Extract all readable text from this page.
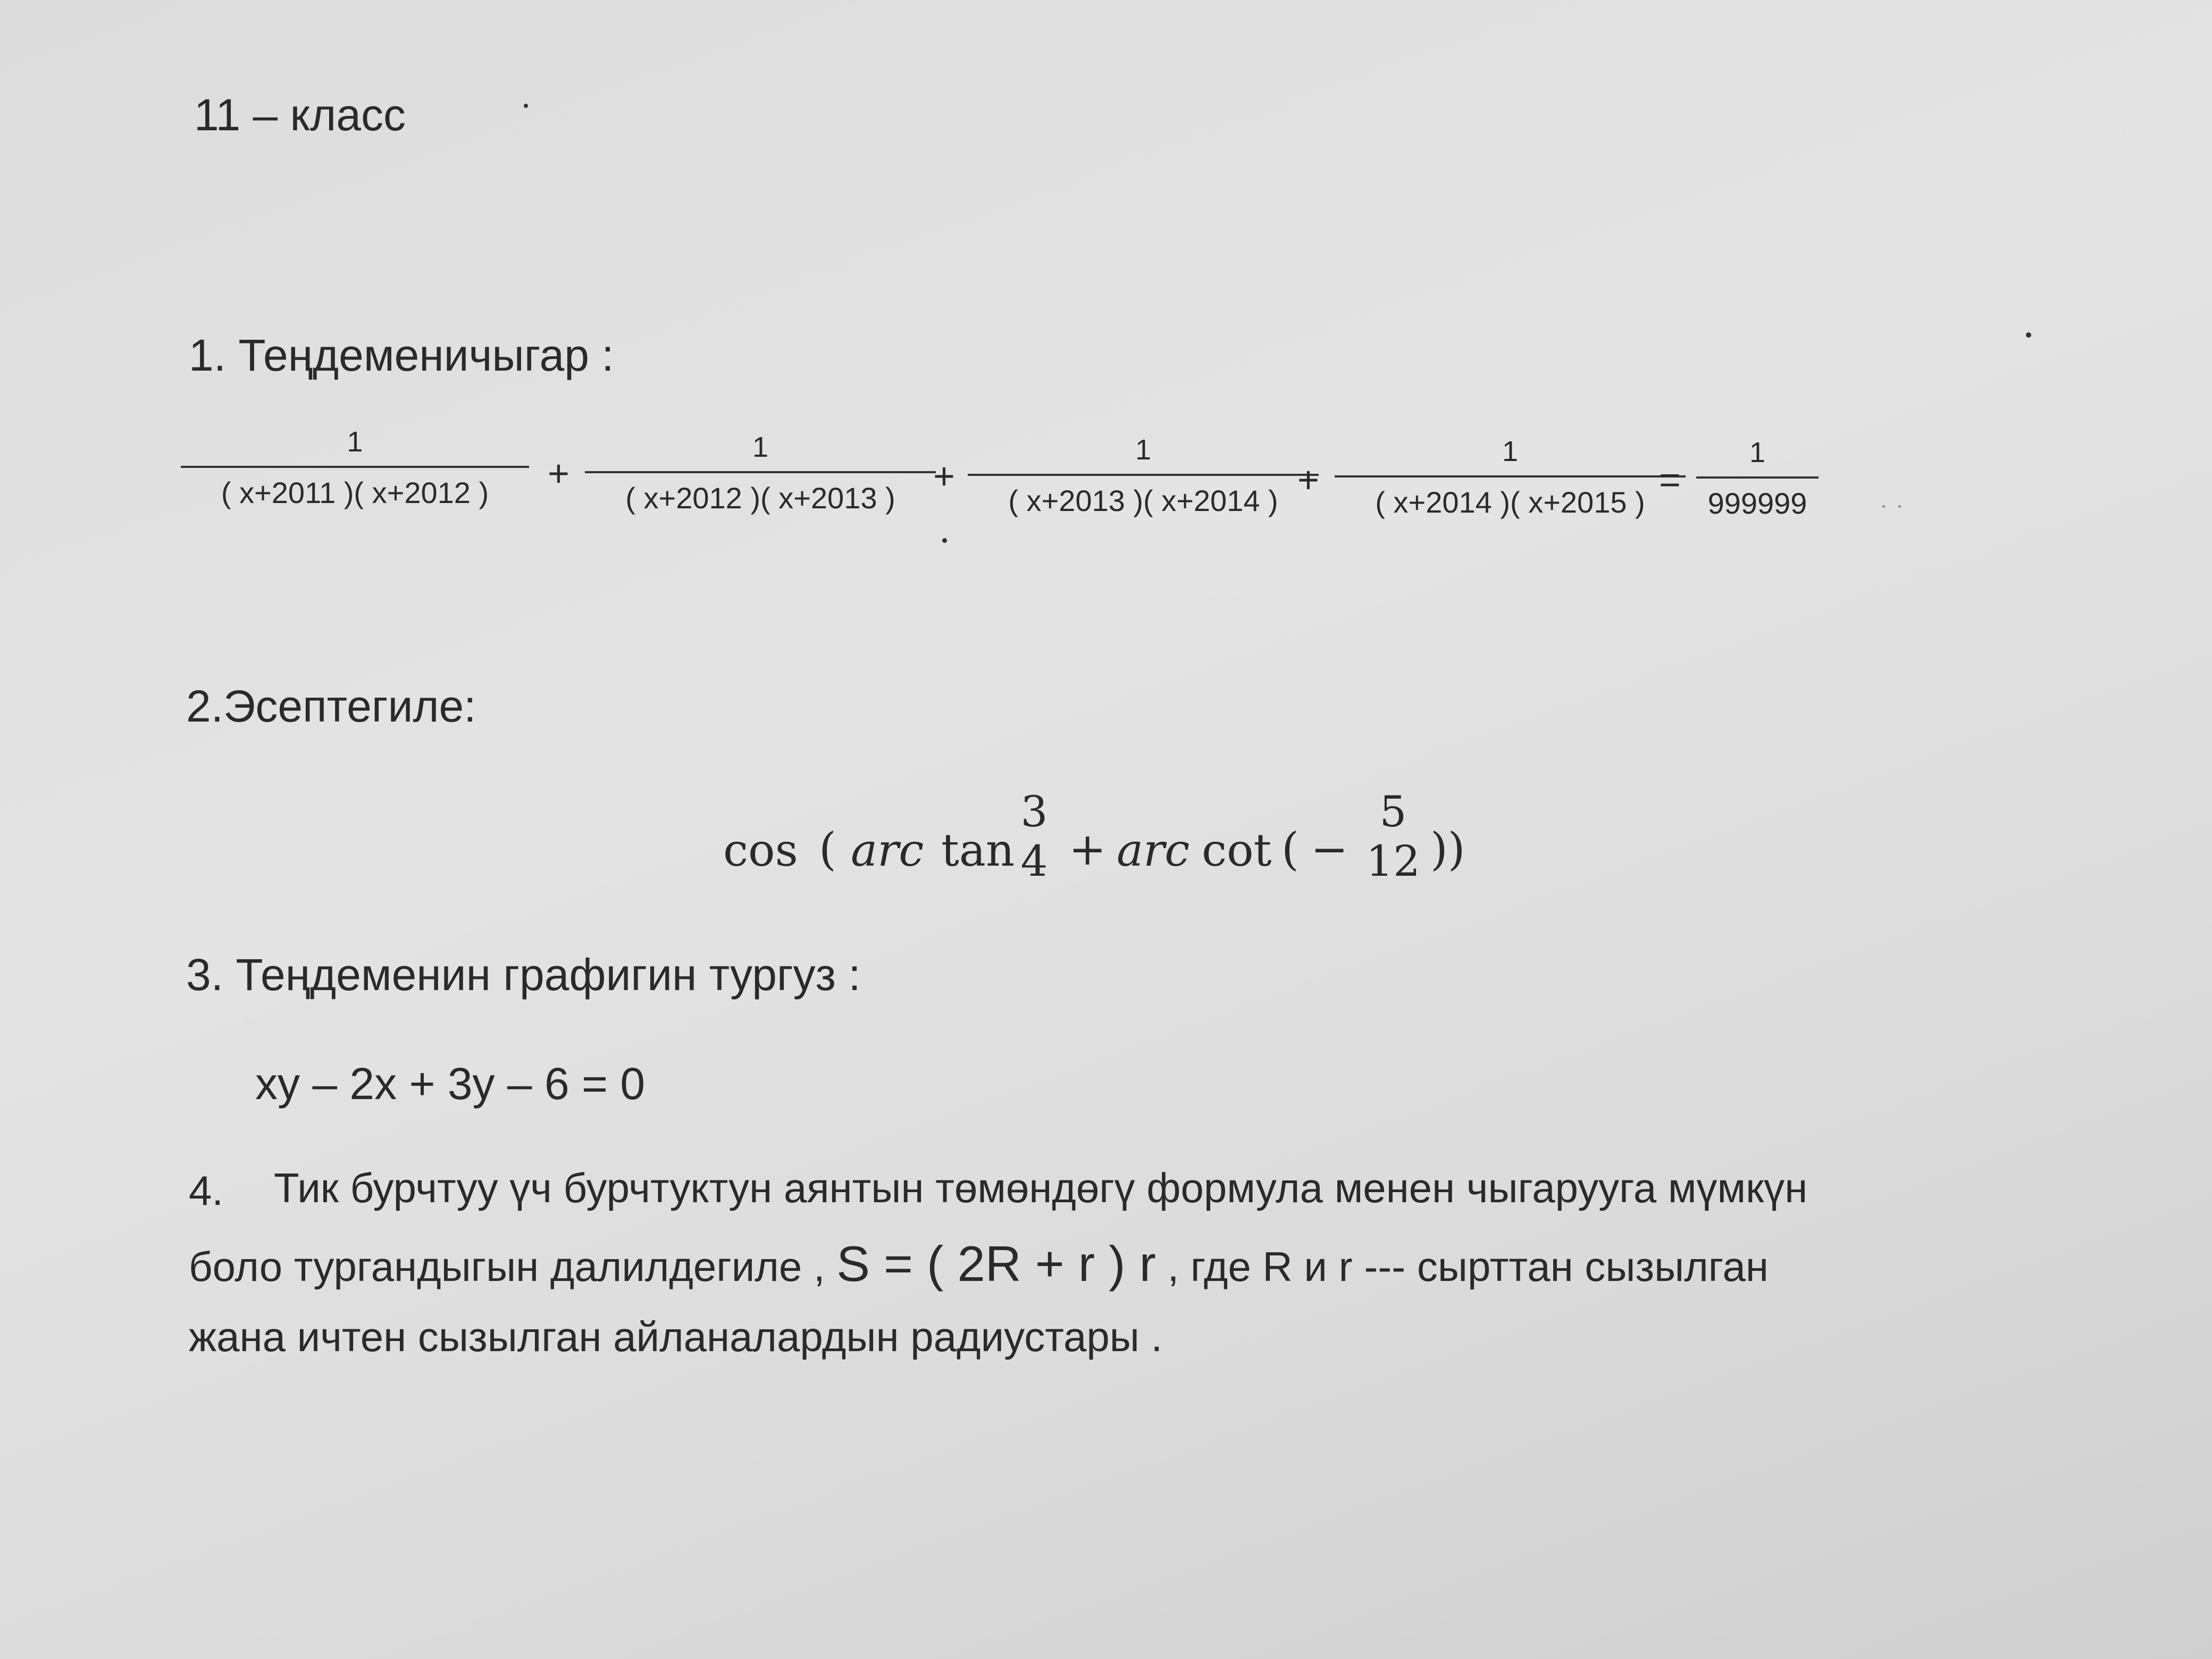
11 – класс
1. Теңдеменичыгар :
1
( x+2011 )( x+2012 )	+
1
( x+2012 )( x+2013 )
+
1
( x+2013 )( x+2014 )
+
1
( x+2014 )( x+2015 )
=
1
999999
2.Эсептегиле:
cos ( arc tan
3
4 + arc cot ( −
5
12 ))
3. Теңдеменин графигин тургуз :
xy – 2x + 3y – 6 = 0
4. Тик бурчтуу үч бурчтуктун аянтын төмөндөгү формула менен чыгарууга мүмкүн
боло тургандыгын далилдегиле , S = ( 2R + r ) r , где R и r --- сырттан сызылган
жана ичтен сызылган айланалардын радиустары .
